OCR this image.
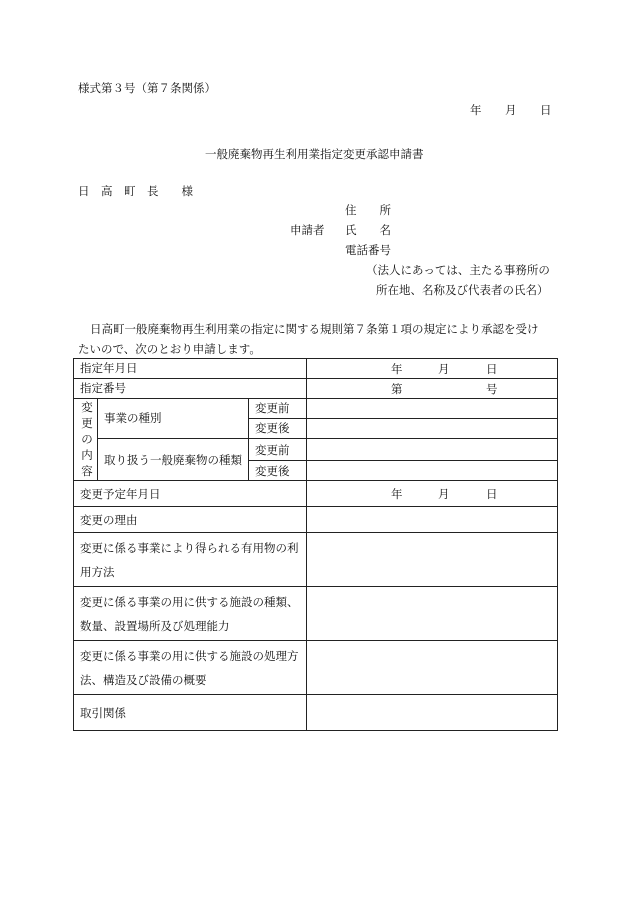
様式第３号（第７条関係）
年 月 日
一般廃棄物再生利用業指定変更承認申請書
日　高　町　長　　様
住　　所
申請者 氏　　名
電話番号
（法人にあっては、主たる事務所の
所在地、名称及び代表者の氏名）
日高町一般廃棄物再生利用業の指定に関する規則第７条第１項の規定により承認を受け
たいので、次のとおり申請します。
指定年月日			年 月 日

指定番号			第 号

変更の内容	事業の種別	変更前	
		変更後	
	取り扱う一般廃棄物の種類	変更前	
		変更後	
変更予定年月日			年 月 日

変更の理由			
変更に係る事業により得られる有用物の利用方法			
変更に係る事業の用に供する施設の種類、数量、設置場所及び処理能力			
変更に係る事業の用に供する施設の処理方法、構造及び設備の概要			
取引関係			
